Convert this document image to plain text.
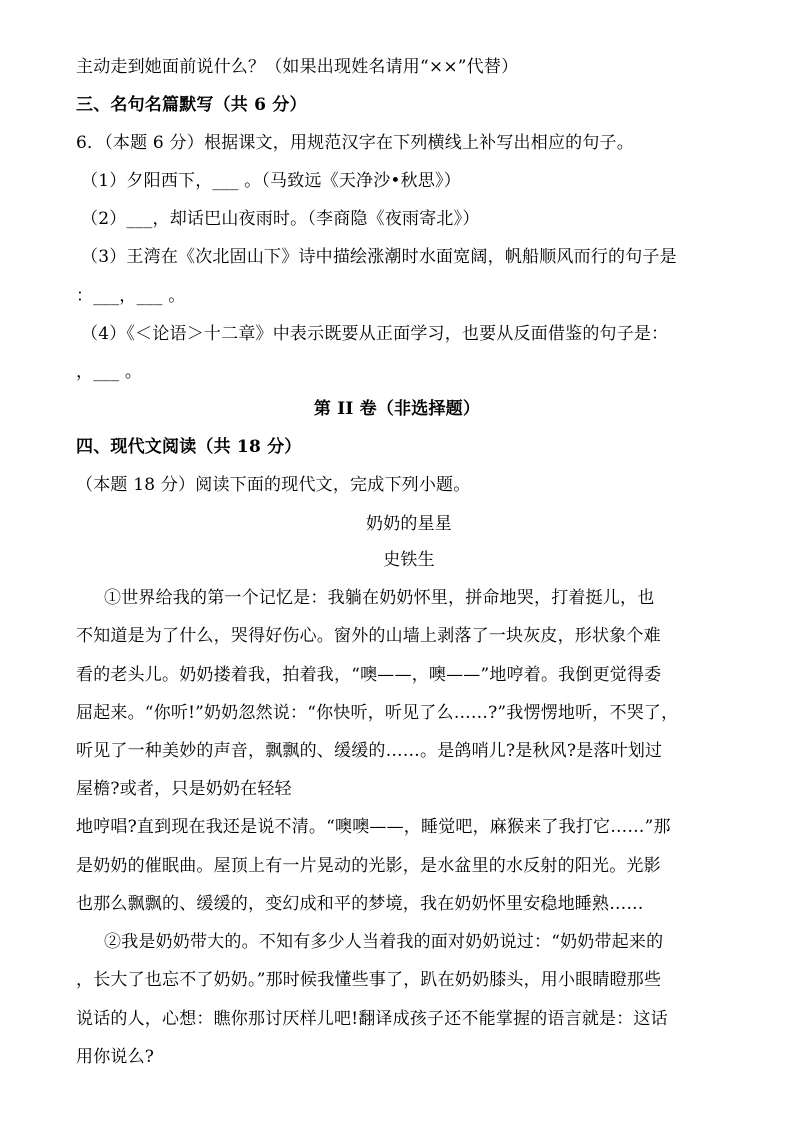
主动走到她面前说什么？（如果出现姓名请用“××”代替）
三、名句名篇默写（共 6 分）
6．（本题 6 分）根据课文，用规范汉字在下列横线上补写出相应的句子。
（1）夕阳西下，___ 。（马致远《天净沙•秋思》）
（2）___，却话巴山夜雨时。（李商隐《夜雨寄北》）
（3）王湾在《次北固山下》诗中描绘涨潮时水面宽阔，帆船顺风而行的句子是
：___，___ 。
（4）《＜论语＞十二章》中表示既要从正面学习，也要从反面借鉴的句子是：
，___ 。
第 II 卷（非选择题）
四、现代文阅读（共 18 分）
（本题 18 分）阅读下面的现代文，完成下列小题。
奶奶的星星
史铁生
①世界给我的第一个记忆是：我躺在奶奶怀里，拼命地哭，打着挺儿，也
不知道是为了什么，哭得好伤心。窗外的山墙上剥落了一块灰皮，形状象个难
看的老头儿。奶奶搂着我，拍着我，“噢——，噢——”地哼着。我倒更觉得委
屈起来。“你听!”奶奶忽然说：“你快听，听见了么……?”我愣愣地听，不哭了，
听见了一种美妙的声音，飘飘的、缓缓的……。是鸽哨儿?是秋风?是落叶划过
屋檐?或者，只是奶奶在轻轻
地哼唱?直到现在我还是说不清。“噢噢——，睡觉吧，麻猴来了我打它……”那
是奶奶的催眠曲。屋顶上有一片晃动的光影，是水盆里的水反射的阳光。光影
也那么飘飘的、缓缓的，变幻成和平的梦境，我在奶奶怀里安稳地睡熟……
②我是奶奶带大的。不知有多少人当着我的面对奶奶说过：“奶奶带起来的
，长大了也忘不了奶奶。”那时候我懂些事了，趴在奶奶膝头，用小眼睛瞪那些
说话的人，心想：瞧你那讨厌样儿吧!翻译成孩子还不能掌握的语言就是：这话
用你说么?
